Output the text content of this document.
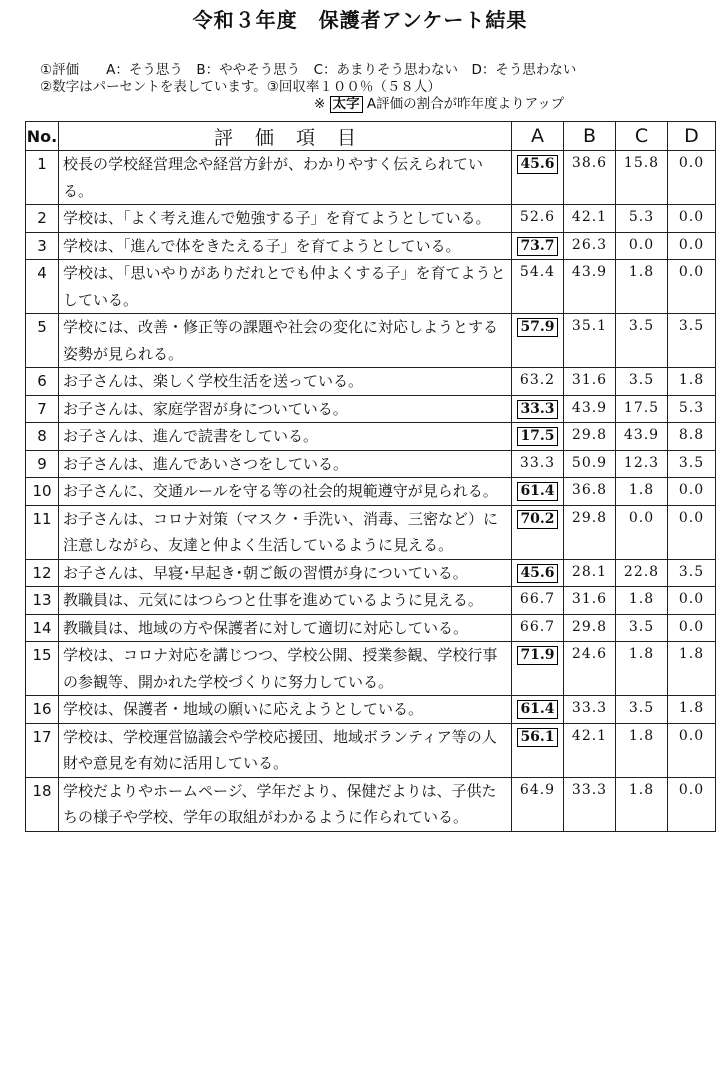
令和３年度　保護者アンケート結果
①評価　　A：そう思う　B：ややそう思う　C：あまりそう思わない　D：そう思わない
②数字はパーセントを表しています。③回収率１００％（５８人）
※ 太字 A評価の割合が昨年度よりアップ
No.	評価項目	A	B	C	D
1	校長の学校経営理念や経営方針が、わかりやすく伝えられている。	45.6	38.6	15.8	0.0
2	学校は、「よく考え進んで勉強する子」を育てようとしている。	52.6	42.1	5.3	0.0
3	学校は、「進んで体をきたえる子」を育てようとしている。	73.7	26.3	0.0	0.0
4	学校は、「思いやりがありだれとでも仲よくする子」を育てようとしている。	54.4	43.9	1.8	0.0
5	学校には、改善・修正等の課題や社会の変化に対応しようとする姿勢が見られる。	57.9	35.1	3.5	3.5
6	お子さんは、楽しく学校生活を送っている。	63.2	31.6	3.5	1.8
7	お子さんは、家庭学習が身についている。	33.3	43.9	17.5	5.3
8	お子さんは、進んで読書をしている。	17.5	29.8	43.9	8.8
9	お子さんは、進んであいさつをしている。	33.3	50.9	12.3	3.5
10	お子さんに、交通ルールを守る等の社会的規範遵守が見られる。	61.4	36.8	1.8	0.0
11	お子さんは、コロナ対策（マスク・手洗い、消毒、三密など）に注意しながら、友達と仲よく生活しているように見える。	70.2	29.8	0.0	0.0
12	お子さんは、早寝･早起き･朝ご飯の習慣が身についている。	45.6	28.1	22.8	3.5
13	教職員は、元気にはつらつと仕事を進めているように見える。	66.7	31.6	1.8	0.0
14	教職員は、地域の方や保護者に対して適切に対応している。	66.7	29.8	3.5	0.0
15	学校は、コロナ対応を講じつつ、学校公開、授業参観、学校行事の参観等、開かれた学校づくりに努力している。	71.9	24.6	1.8	1.8
16	学校は、保護者・地域の願いに応えようとしている。	61.4	33.3	3.5	1.8
17	学校は、学校運営協議会や学校応援団、地域ボランティア等の人財や意見を有効に活用している。	56.1	42.1	1.8	0.0
18	学校だよりやホームページ、学年だより、保健だよりは、子供たちの様子や学校、学年の取組がわかるように作られている。	64.9	33.3	1.8	0.0
